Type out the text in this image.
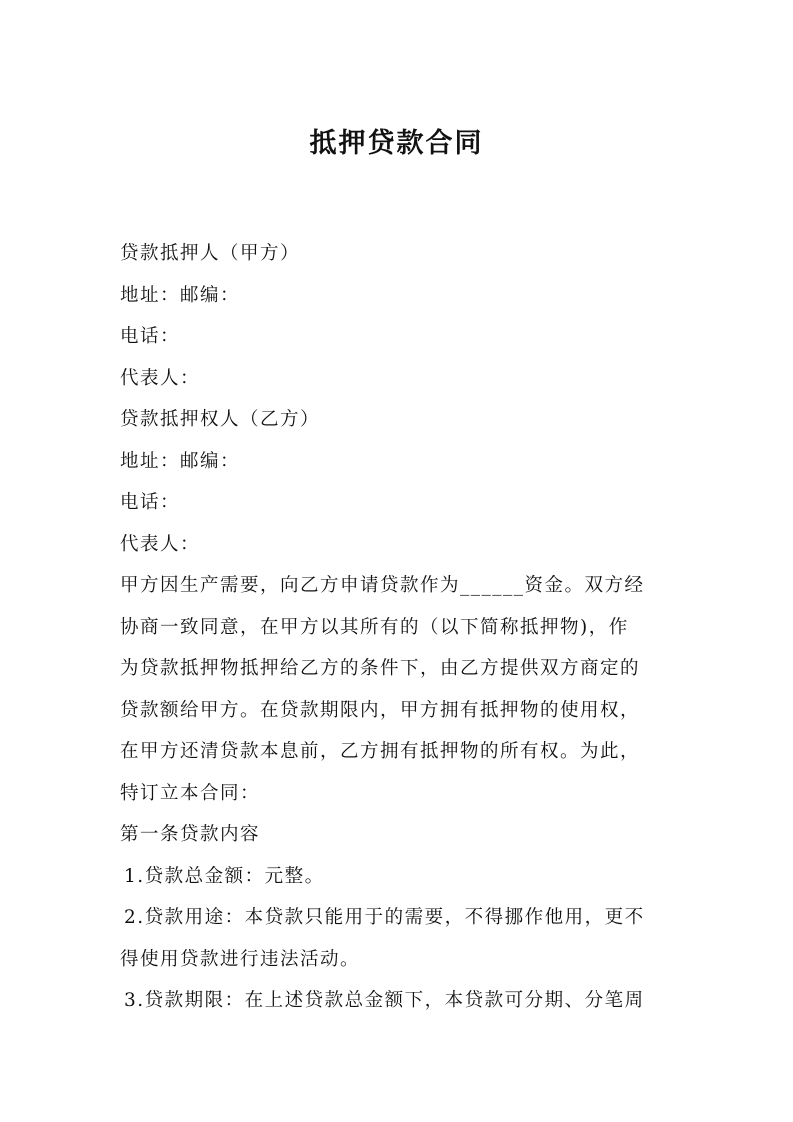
抵押贷款合同
贷款抵押人（甲方）
地址：邮编：
电话：
代表人：
贷款抵押权人（乙方）
地址：邮编：
电话：
代表人：
甲方因生产需要，向乙方申请贷款作为______资金。双方经
协商一致同意，在甲方以其所有的（以下简称抵押物)，作
为贷款抵押物抵押给乙方的条件下，由乙方提供双方商定的
贷款额给甲方。在贷款期限内，甲方拥有抵押物的使用权，
在甲方还清贷款本息前，乙方拥有抵押物的所有权。为此，
特订立本合同：
第一条贷款内容
1.贷款总金额：元整。
2.贷款用途：本贷款只能用于的需要，不得挪作他用，更不
得使用贷款进行违法活动。
3.贷款期限：在上述贷款总金额下，本贷款可分期、分笔周
